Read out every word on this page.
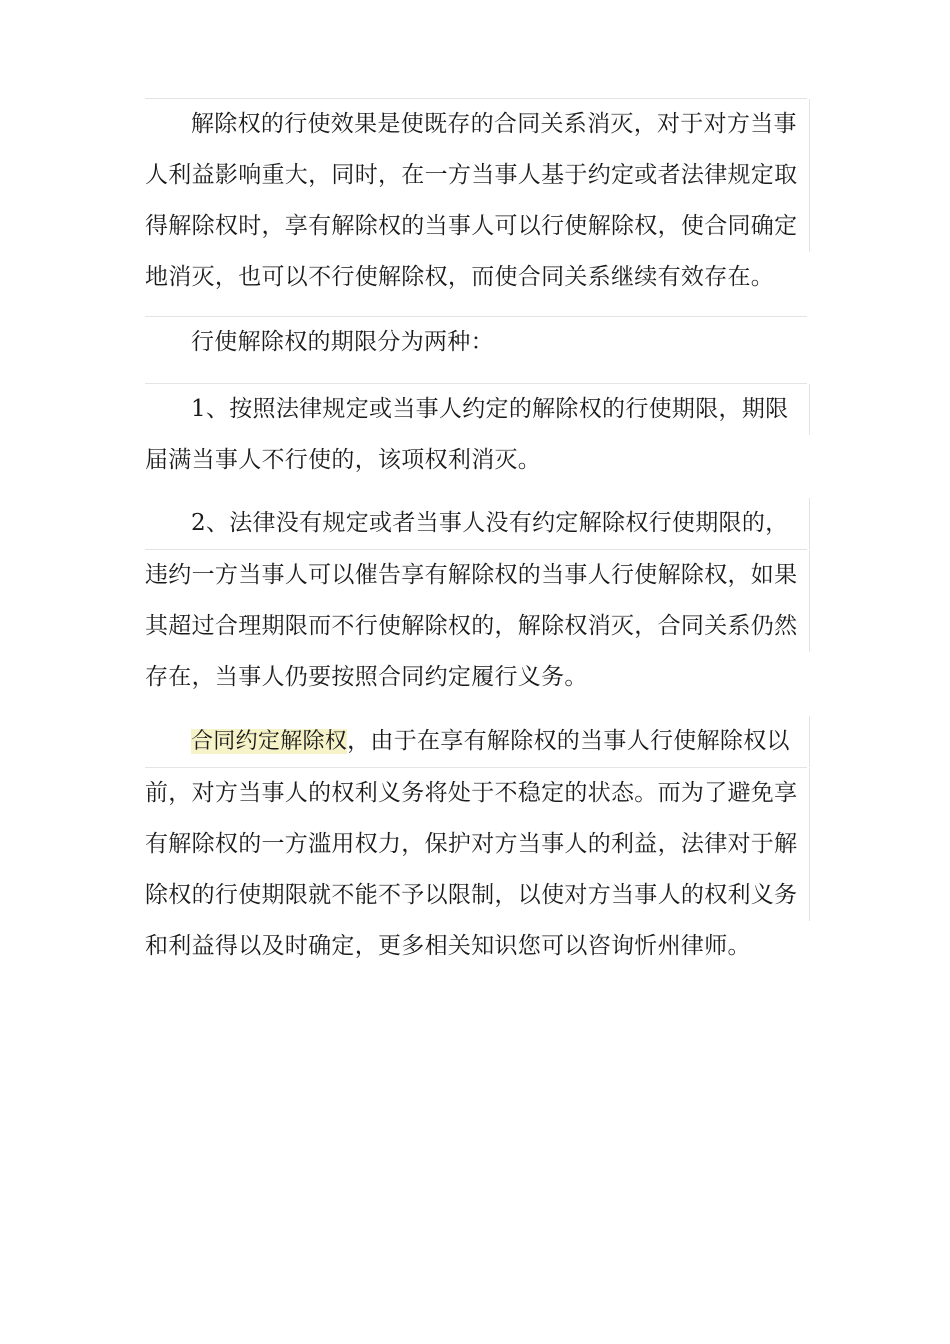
解除权的行使效果是使既存的合同关系消灭，对于对方当事
人利益影响重大，同时，在一方当事人基于约定或者法律规定取
得解除权时，享有解除权的当事人可以行使解除权，使合同确定
地消灭，也可以不行使解除权，而使合同关系继续有效存在。
行使解除权的期限分为两种：
1、按照法律规定或当事人约定的解除权的行使期限，期限
届满当事人不行使的，该项权利消灭。
2、法律没有规定或者当事人没有约定解除权行使期限的，
违约一方当事人可以催告享有解除权的当事人行使解除权，如果
其超过合理期限而不行使解除权的，解除权消灭，合同关系仍然
存在，当事人仍要按照合同约定履行义务。
合同约定解除权，由于在享有解除权的当事人行使解除权以
前，对方当事人的权利义务将处于不稳定的状态。而为了避免享
有解除权的一方滥用权力，保护对方当事人的利益，法律对于解
除权的行使期限就不能不予以限制，以使对方当事人的权利义务
和利益得以及时确定，更多相关知识您可以咨询忻州律师。
